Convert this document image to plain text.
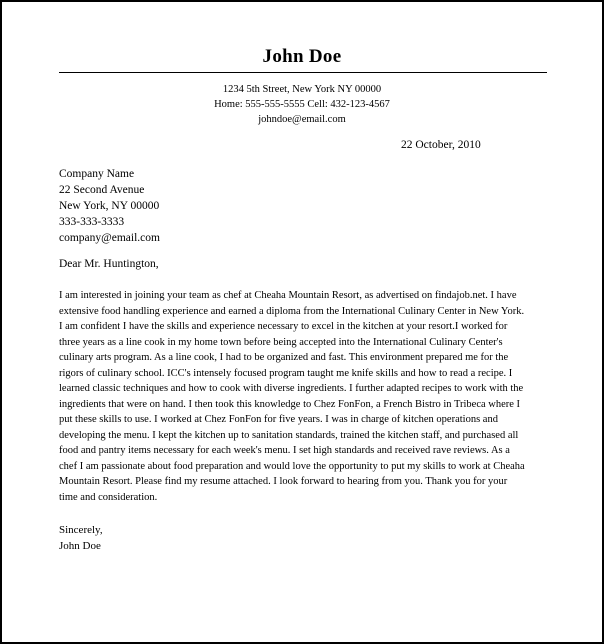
John Doe
1234 5th Street, New York NY 00000
Home: 555-555-5555 Cell: 432-123-4567
johndoe@email.com
22 October, 2010
Company Name
22 Second Avenue
New York, NY 00000
333-333-3333
company@email.com
Dear Mr. Huntington,
I am interested in joining your team as chef at Cheaha Mountain Resort, as advertised on findajob.net. I have
extensive food handling experience and earned a diploma from the International Culinary Center in New York.
I am confident I have the skills and experience necessary to excel in the kitchen at your resort.I worked for
three years as a line cook in my home town before being accepted into the International Culinary Center's
culinary arts program. As a line cook, I had to be organized and fast. This environment prepared me for the
rigors of culinary school. ICC's intensely focused program taught me knife skills and how to read a recipe. I
learned classic techniques and how to cook with diverse ingredients. I further adapted recipes to work with the
ingredients that were on hand. I then took this knowledge to Chez FonFon, a French Bistro in Tribeca where I
put these skills to use. I worked at Chez FonFon for five years. I was in charge of kitchen operations and
developing the menu. I kept the kitchen up to sanitation standards, trained the kitchen staff, and purchased all
food and pantry items necessary for each week's menu. I set high standards and received rave reviews. As a
chef I am passionate about food preparation and would love the opportunity to put my skills to work at Cheaha
Mountain Resort. Please find my resume attached. I look forward to hearing from you. Thank you for your
time and consideration.
Sincerely,
John Doe
